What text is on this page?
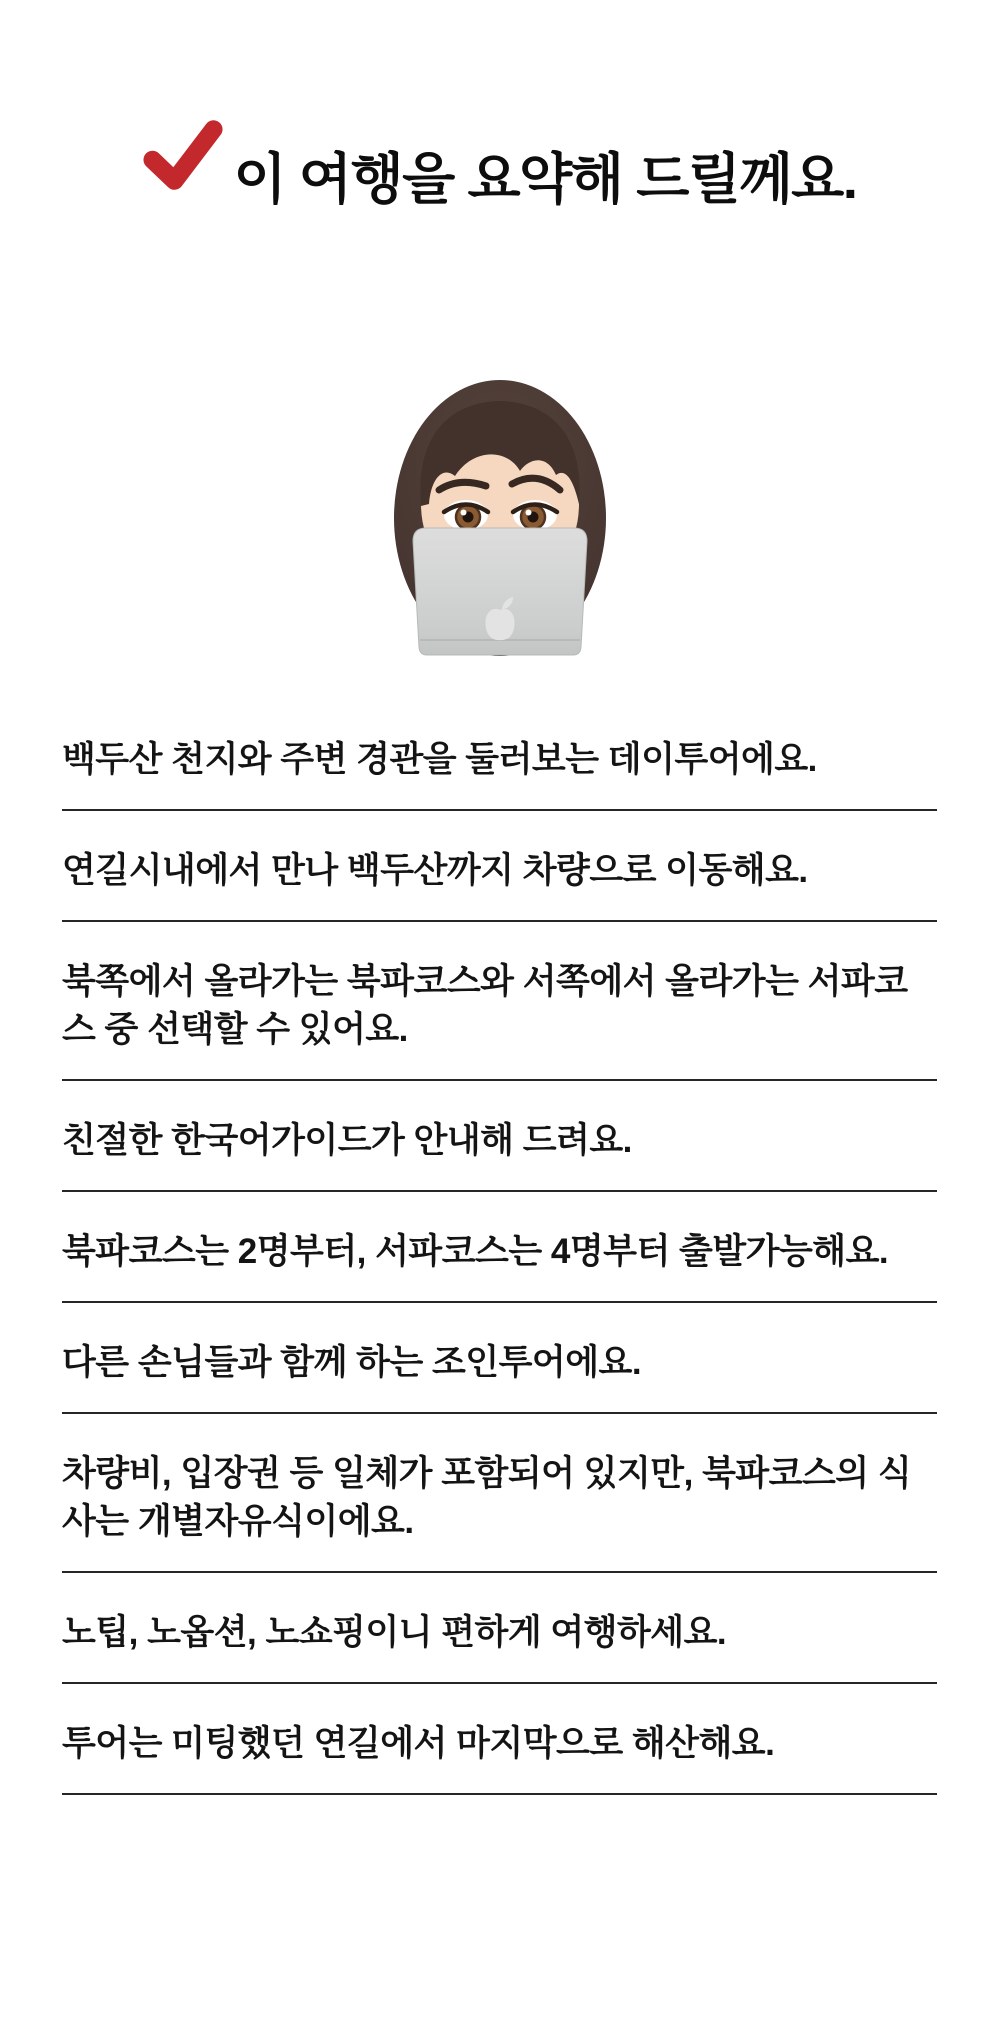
이 여행을 요약해 드릴께요.

백두산 천지와 주변 경관을 둘러보는 데이투어에요.

연길시내에서 만나 백두산까지 차량으로 이동해요.

북쪽에서 올라가는 북파코스와 서쪽에서 올라가는 서파코스 중 선택할 수 있어요.

친절한 한국어가이드가 안내해 드려요.

북파코스는 2명부터, 서파코스는 4명부터 출발가능해요.

다른 손님들과 함께 하는 조인투어에요.

차량비, 입장권 등 일체가 포함되어 있지만, 북파코스의 식사는 개별자유식이에요.

노팁, 노옵션, 노쇼핑이니 편하게 여행하세요.

투어는 미팅했던 연길에서 마지막으로 해산해요.
